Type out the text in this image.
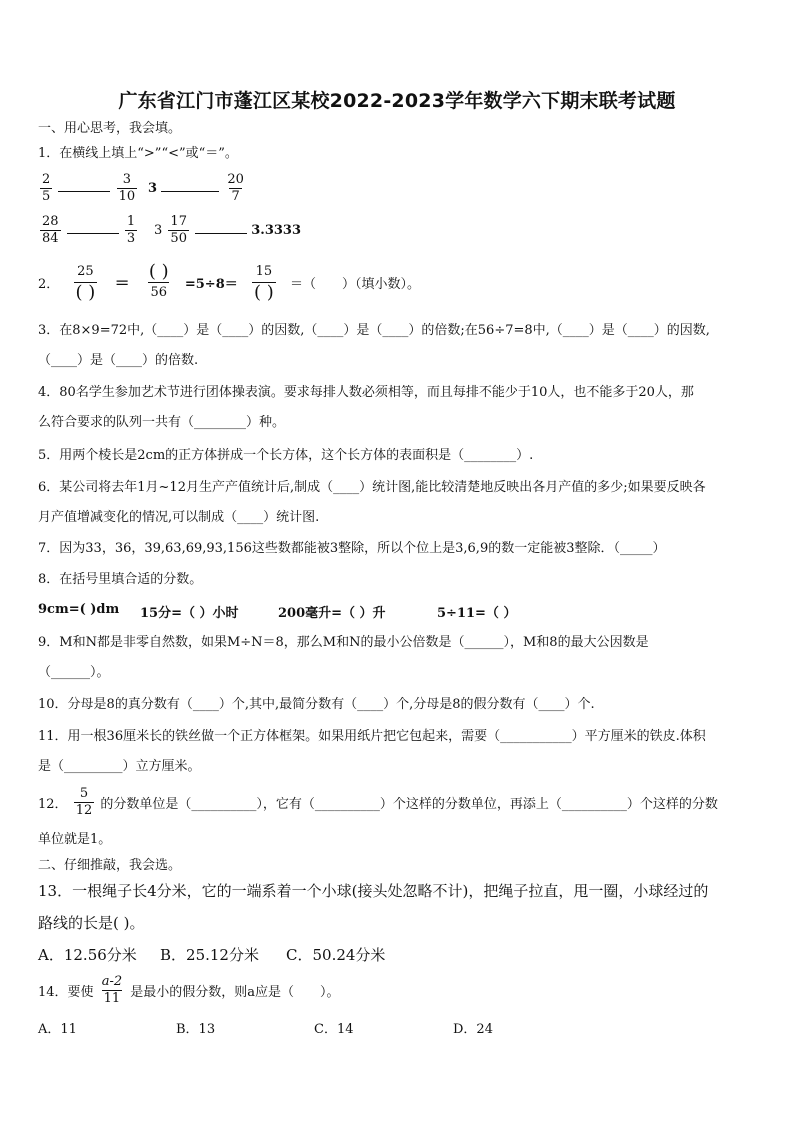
广东省江门市蓬江区某校2022-2023学年数学六下期末联考试题
一、用心思考，我会填。
1．在横线上填上“>”“<”或“＝”。
$\frac{2}{5}$
	$\frac{3}{10} 3$	$\frac{20}{7}$
$\frac{28}{84}$
	$\frac{1}{3} 3 \frac{17}{50}$	3.3333
2． $\frac{25}{( )} = \frac{( )}{56} =5\div 8= \frac{15}{( )}$ ＝（　　）（填小数）。
3．在8×9=72中,（____）是（____）的因数,（____）是（____）的倍数;在56÷7=8中,（____）是（____）的因数,
（____）是（____）的倍数.
4．80名学生参加艺术节进行团体操表演。要求每排人数必须相等，而且每排不能少于10人，也不能多于20人，那
么符合要求的队列一共有（________）种。
5．用两个棱长是2cm的正方体拼成一个长方体，这个长方体的表面积是（________）.
6．某公司将去年1月~12月生产产值统计后,制成（____）统计图,能比较清楚地反映出各月产值的多少;如果要反映各
月产值增减变化的情况,可以制成（____）统计图.
7．因为33，36，39,63,69,93,156这些数都能被3整除，所以个位上是3,6,9的数一定能被3整除．（_____）
8．在括号里填合适的分数。
9cm=( )dm 15分=（ ）小时	200毫升=（ ）升	5÷11=（ ）
9．M和N都是非零自然数，如果M÷N＝8，那么M和N的最小公倍数是（______），M和8的最大公因数是
（______）。
10．分母是8的真分数有（____）个,其中,最简分数有（____）个,分母是8的假分数有（____）个.
11．用一根36厘米长的铁丝做一个正方体框架。如果用纸片把它包起来，需要（___________）平方厘米的铁皮.体积
是（_________）立方厘米。
12． $\frac{5}{12}$ 的分数单位是（__________），它有（__________）个这样的分数单位，再添上（__________）个这样的分数
单位就是1。
二、仔细推敲，我会选。
13．一根绳子长4分米，它的一端系着一个小球(接头处忽略不计)，把绳子拉直，甩一圈，小球经过的
路线的长是( )。
A．12.56分米 B．25.12分米 C．50.24分米
14．要使 $\frac{a-2}{11}$ 是最小的假分数，则a应是（　　）。
A．11	B．13	C．14	D．24
